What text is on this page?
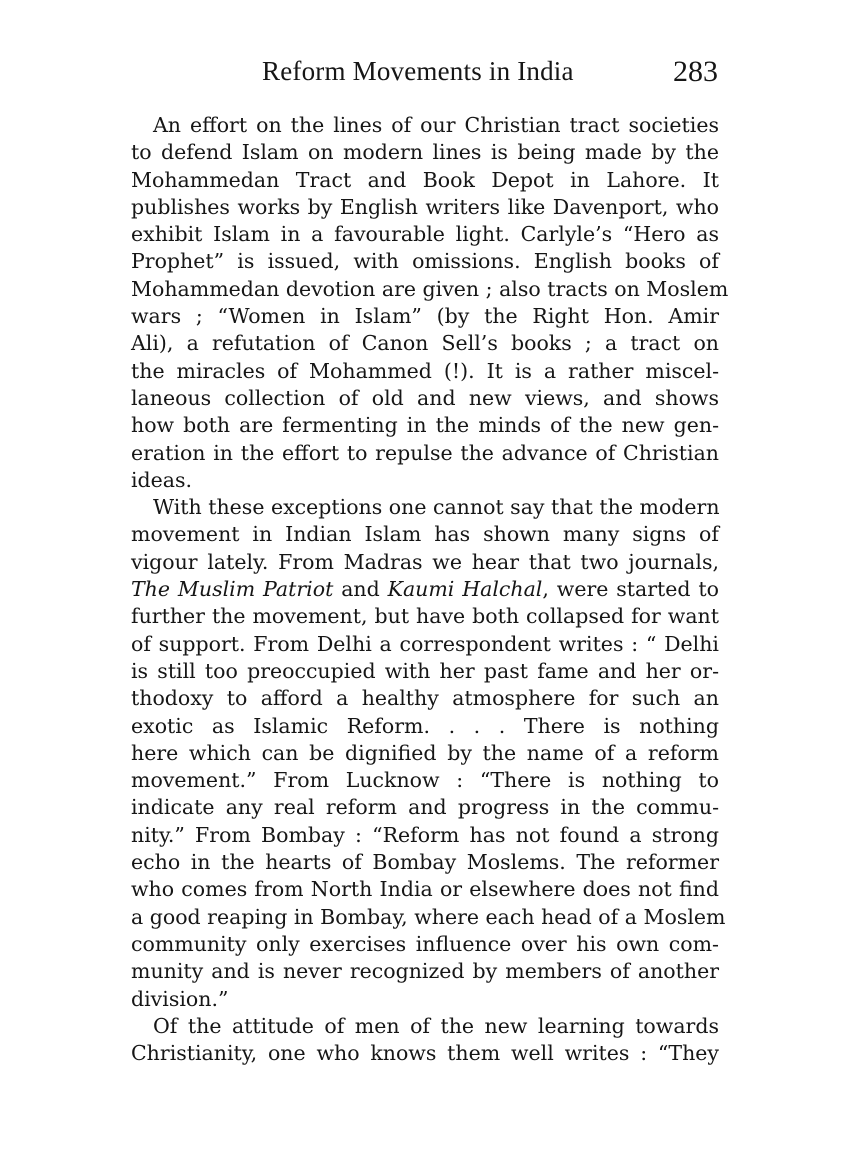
Reform Movements in India	283
An effort on the lines of our Christian tract societies
to defend Islam on modern lines is being made by the
Mohammedan Tract and Book Depot in Lahore. It
publishes works by English writers like Davenport, who
exhibit Islam in a favourable light. Carlyle’s “Hero as
Prophet” is issued, with omissions. English books of
Mohammedan devotion are given ; also tracts on Moslem
wars ; “Women in Islam” (by the Right Hon. Amir
Ali), a refutation of Canon Sell’s books ; a tract on
the miracles of Mohammed (!). It is a rather miscel-
laneous collection of old and new views, and shows
how both are fermenting in the minds of the new gen-
eration in the effort to repulse the advance of Christian
ideas.
With these exceptions one cannot say that the modern
movement in Indian Islam has shown many signs of
vigour lately. From Madras we hear that two journals,
The Muslim Patriot and Kaumi Halchal, were started to
further the movement, but have both collapsed for want
of support. From Delhi a correspondent writes : “ Delhi
is still too preoccupied with her past fame and her or-
thodoxy to afford a healthy atmosphere for such an
exotic as Islamic Reform. . . . There is nothing
here which can be dignified by the name of a reform
movement.” From Lucknow : “There is nothing to
indicate any real reform and progress in the commu-
nity.” From Bombay : “Reform has not found a strong
echo in the hearts of Bombay Moslems. The reformer
who comes from North India or elsewhere does not find
a good reaping in Bombay, where each head of a Moslem
community only exercises influence over his own com-
munity and is never recognized by members of another
division.”
Of the attitude of men of the new learning towards
Christianity, one who knows them well writes : “They
